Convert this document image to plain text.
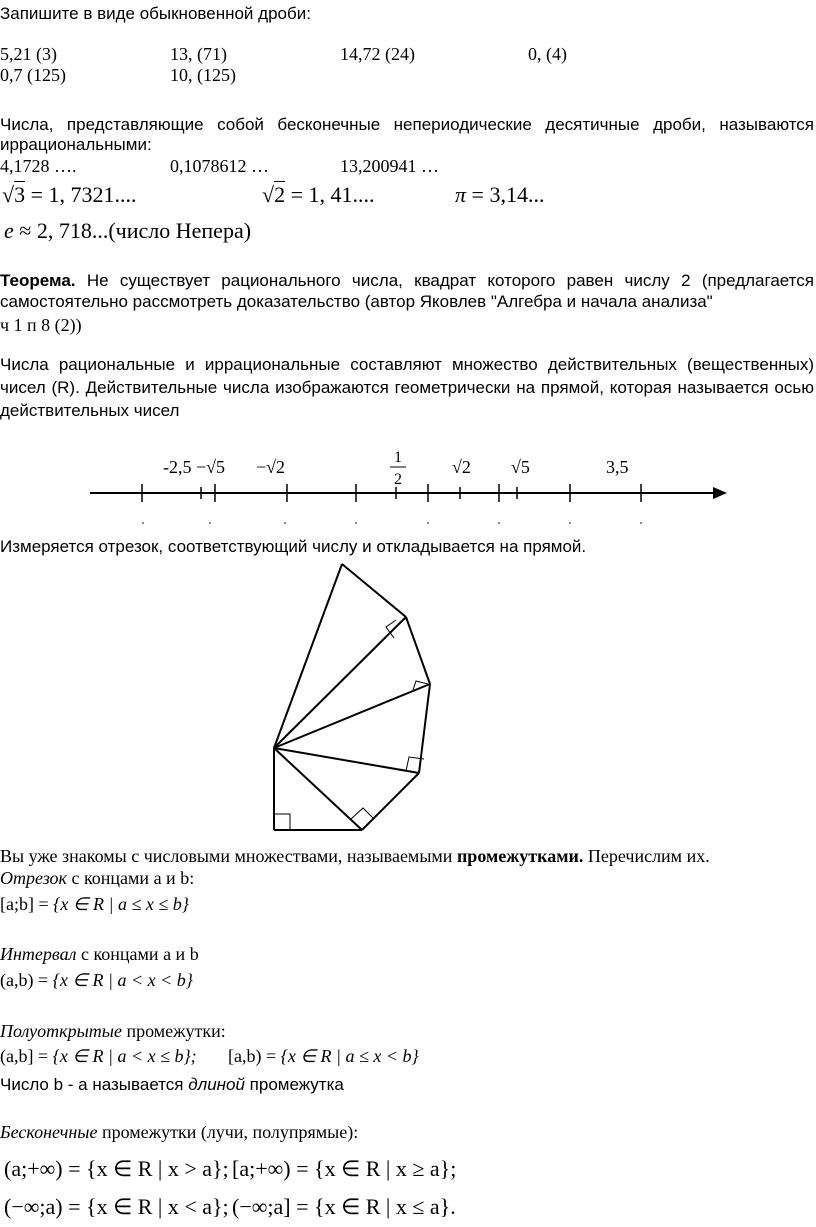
Запишите в виде обыкновенной дроби:
5,21 (3)	13, (71)	14,72 (24)	0, (4)
0,7 (125)	10, (125)
Числа, представляющие собой бесконечные непериодические десятичные дроби, называются
иррациональными:
4,1728 ….	0,1078612 …	13,200941 …
√3 = 1, 7321....	√2 = 1, 41....	π = 3,14...
e ≈ 2, 718...(число Непера)
Теорема. Не существует рационального числа, квадрат которого равен числу 2 (предлагается
самостоятельно рассмотреть доказательство (автор Яковлев "Алгебра и начала анализа"
ч 1 п 8 (2))
Числа рациональные и иррациональные составляют множество действительных (вещественных)
чисел (R). Действительные числа изображаются геометрически на прямой, которая называется осью
действительных чисел
-2,5 −√5 −√2	1
2
√2 √5	3,5
Измеряется отрезок, соответствующий числу и откладывается на прямой.
Вы уже знакомы с числовыми множествами, называемыми промежутками. Перечислим их.
Отрезок с концами a и b:
[a;b] = {x ∈ R | a ≤ x ≤ b}
Интервал с концами a и b
(a,b) = {x ∈ R | a < x < b}
Полуоткрытые промежутки:
(a,b] = {x ∈ R | a < x ≤ b}; [a,b) = {x ∈ R | a ≤ x < b}
Число b - a называется длиной промежутка
Бесконечные промежутки (лучи, полупрямые):
(a;+∞) = {x ∈ R | x > a}; [a;+∞) = {x ∈ R | x ≥ a};
(−∞;a) = {x ∈ R | x < a}; (−∞;a] = {x ∈ R | x ≤ a}.
